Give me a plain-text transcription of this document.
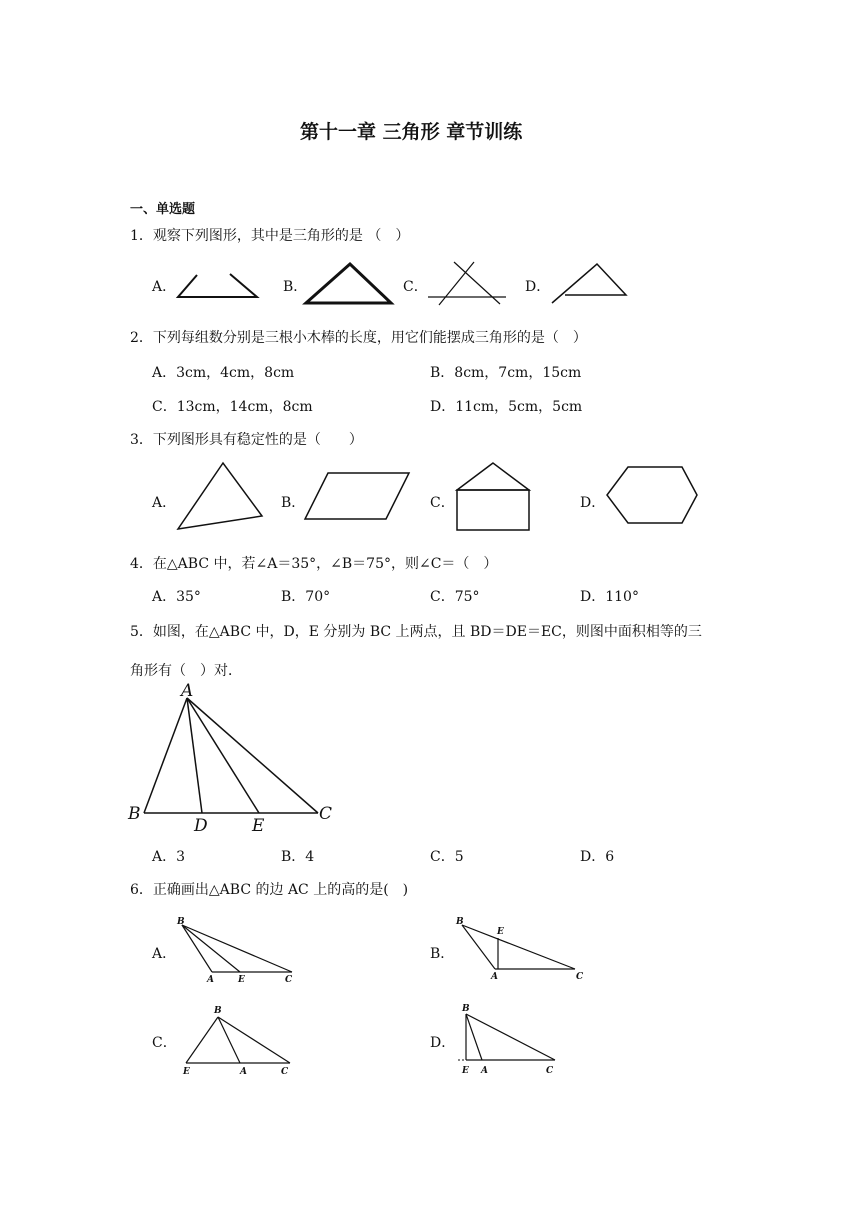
第十一章 三角形 章节训练
一、单选题
1．观察下列图形，其中是三角形的是 （　）
A．	B．	C．	D．
2．下列每组数分别是三根小木棒的长度，用它们能摆成三角形的是（　）
A．3cm，4cm，8cm	B．8cm，7cm，15cm
C．13cm，14cm，8cm	D．11cm，5cm，5cm
3．下列图形具有稳定性的是（　　）
A．	B．	C．	D．
4．在△ABC 中，若∠A＝35°，∠B＝75°，则∠C＝（　）
A．35°	B．70°	C．75°	D．110°
5．如图，在△ABC 中，D，E 分别为 BC 上两点，且 BD＝DE＝EC，则图中面积相等的三
角形有（　）对．
A
B	C
D	E
A．3	B．4	C．5	D．6
6．正确画出△ABC 的边 AC 上的高的是(　)
A．	B．
C．	D．
B
A	E	C
B
E
A	C
B
E	A	C
B
E A	C
